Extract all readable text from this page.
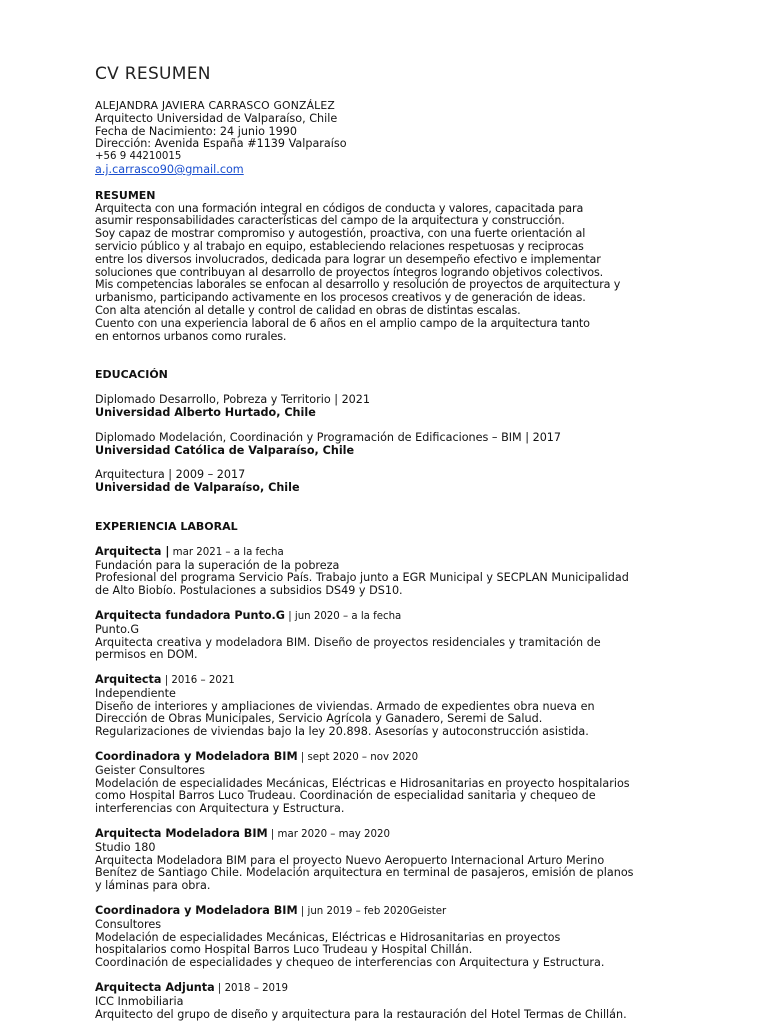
CV RESUMEN

ALEJANDRA JAVIERA CARRASCO GONZÁLEZ

Arquitecto Universidad de Valparaíso, Chile

Fecha de Nacimiento: 24 junio 1990

Dirección: Avenida España #1139 Valparaíso

+56 9 44210015

a.j.carrasco90@gmail.com

RESUMEN

Arquitecta con una formación integral en códigos de conducta y valores, capacitada para

asumir responsabilidades características del campo de la arquitectura y construcción.

Soy capaz de mostrar compromiso y autogestión, proactiva, con una fuerte orientación al

servicio público y al trabajo en equipo, estableciendo relaciones respetuosas y reciprocas

entre los diversos involucrados, dedicada para lograr un desempeño efectivo e implementar

soluciones que contribuyan al desarrollo de proyectos íntegros logrando objetivos colectivos.

Mis competencias laborales se enfocan al desarrollo y resolución de proyectos de arquitectura y

urbanismo, participando activamente en los procesos creativos y de generación de ideas.

Con alta atención al detalle y control de calidad en obras de distintas escalas.

Cuento con una experiencia laboral de 6 años en el amplio campo de la arquitectura tanto

en entornos urbanos como rurales.

EDUCACIÓN

Diplomado Desarrollo, Pobreza y Territorio | 2021

Universidad Alberto Hurtado, Chile

Diplomado Modelación, Coordinación y Programación de Edificaciones – BIM | 2017

Universidad Católica de Valparaíso, Chile

Arquitectura | 2009 – 2017

Universidad de Valparaíso, Chile

EXPERIENCIA LABORAL

Arquitecta | mar 2021 – a la fecha

Fundación para la superación de la pobreza

Profesional del programa Servicio País. Trabajo junto a EGR Municipal y SECPLAN Municipalidad

de Alto Biobío. Postulaciones a subsidios DS49 y DS10.

Arquitecta fundadora Punto.G | jun 2020 – a la fecha

Punto.G

Arquitecta creativa y modeladora BIM. Diseño de proyectos residenciales y tramitación de

permisos en DOM.

Arquitecta | 2016 – 2021

Independiente

Diseño de interiores y ampliaciones de viviendas. Armado de expedientes obra nueva en

Dirección de Obras Municipales, Servicio Agrícola y Ganadero, Seremi de Salud.

Regularizaciones de viviendas bajo la ley 20.898. Asesorías y autoconstrucción asistida.

Coordinadora y Modeladora BIM | sept 2020 – nov 2020

Geister Consultores

Modelación de especialidades Mecánicas, Eléctricas e Hidrosanitarias en proyecto hospitalarios

como Hospital Barros Luco Trudeau. Coordinación de especialidad sanitaria y chequeo de

interferencias con Arquitectura y Estructura.

Arquitecta Modeladora BIM | mar 2020 – may 2020

Studio 180

Arquitecta Modeladora BIM para el proyecto Nuevo Aeropuerto Internacional Arturo Merino

Benítez de Santiago Chile. Modelación arquitectura en terminal de pasajeros, emisión de planos

y láminas para obra.

Coordinadora y Modeladora BIM | jun 2019 – feb 2020Geister

Consultores

Modelación de especialidades Mecánicas, Eléctricas e Hidrosanitarias en proyectos

hospitalarios como Hospital Barros Luco Trudeau y Hospital Chillán.

Coordinación de especialidades y chequeo de interferencias con Arquitectura y Estructura.

Arquitecta Adjunta | 2018 – 2019

ICC Inmobiliaria

Arquitecto del grupo de diseño y arquitectura para la restauración del Hotel Termas de Chillán.
